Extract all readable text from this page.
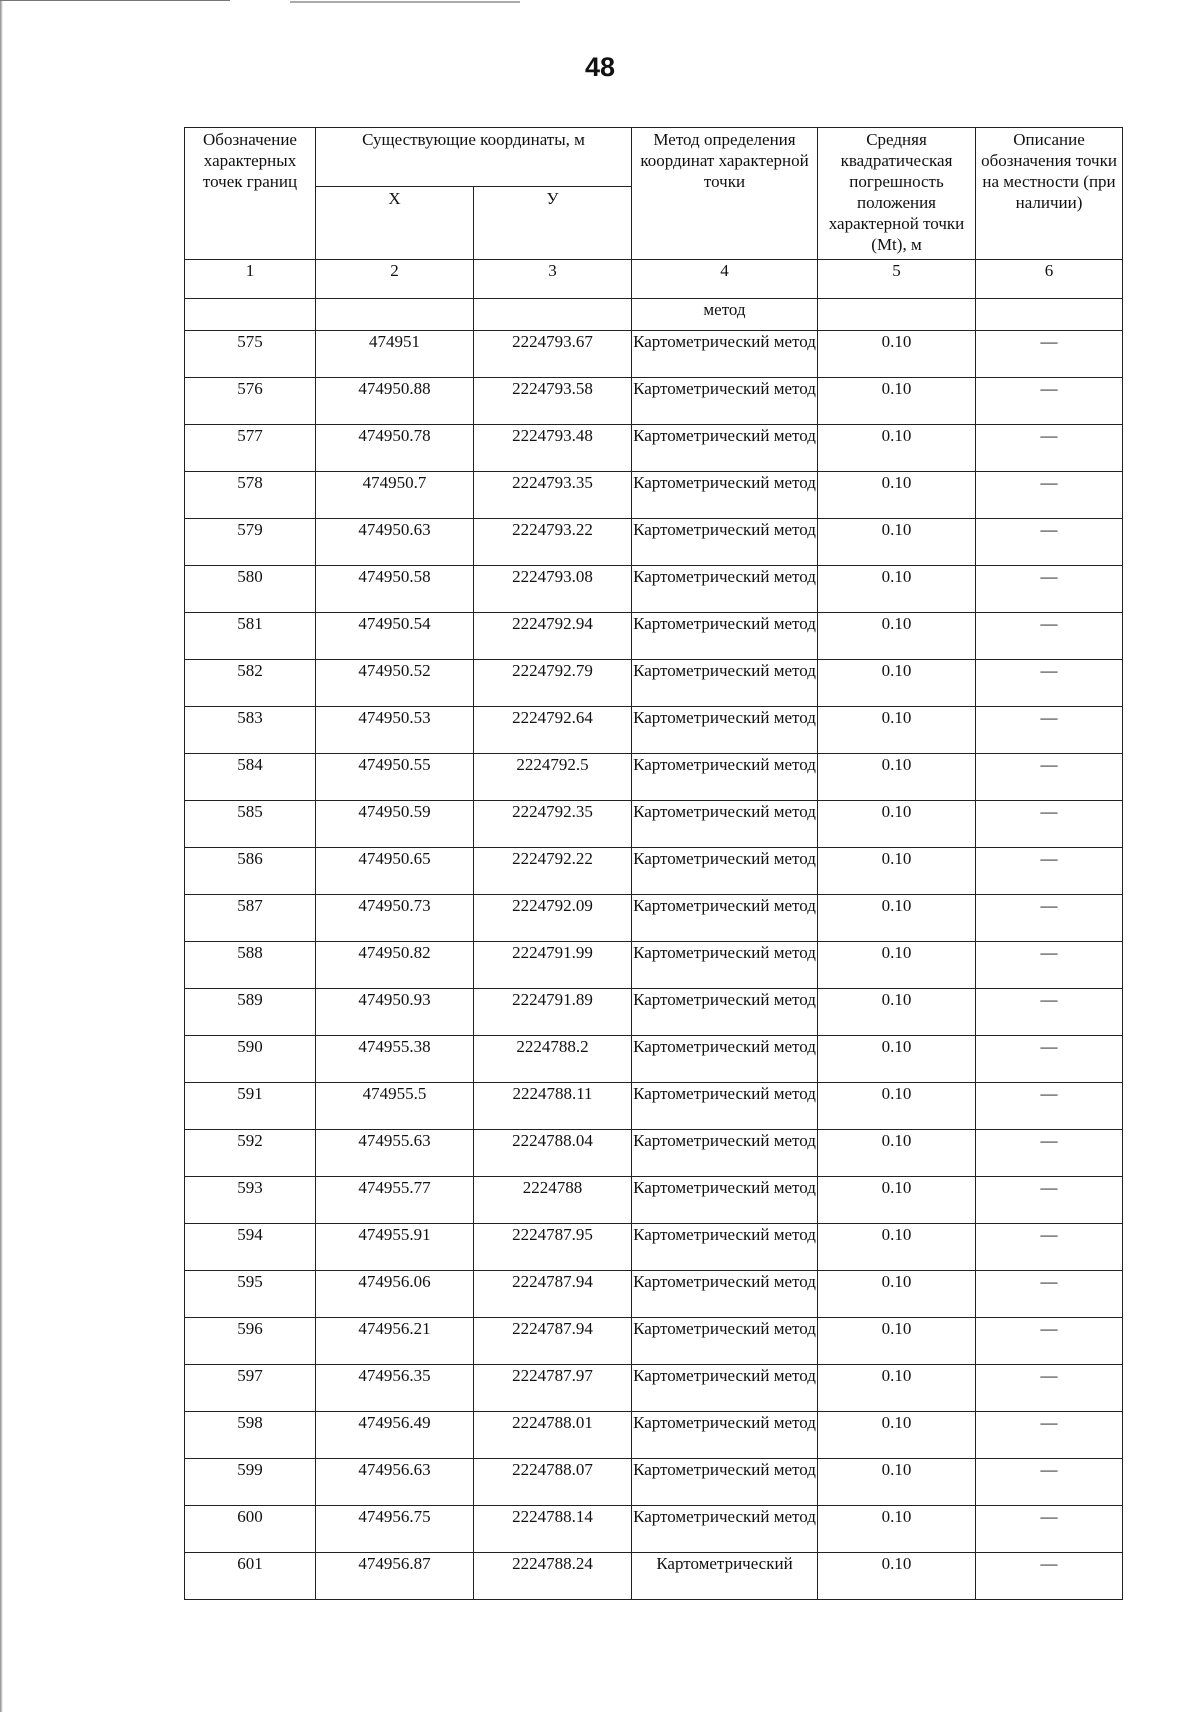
48
Обозначение характерных точек границ	Существующие координаты, м		Метод определения координат характерной точки	Средняя квадратическая погрешность положения характерной точки (Mt), м	Описание обозначения точки на местности (при наличии)
	X	У			
1	2	3	4	5	6
			метод		
575	474951	2224793.67	Картометрический метод	0.10	—
576	474950.88	2224793.58	Картометрический метод	0.10	—
577	474950.78	2224793.48	Картометрический метод	0.10	—
578	474950.7	2224793.35	Картометрический метод	0.10	—
579	474950.63	2224793.22	Картометрический метод	0.10	—
580	474950.58	2224793.08	Картометрический метод	0.10	—
581	474950.54	2224792.94	Картометрический метод	0.10	—
582	474950.52	2224792.79	Картометрический метод	0.10	—
583	474950.53	2224792.64	Картометрический метод	0.10	—
584	474950.55	2224792.5	Картометрический метод	0.10	—
585	474950.59	2224792.35	Картометрический метод	0.10	—
586	474950.65	2224792.22	Картометрический метод	0.10	—
587	474950.73	2224792.09	Картометрический метод	0.10	—
588	474950.82	2224791.99	Картометрический метод	0.10	—
589	474950.93	2224791.89	Картометрический метод	0.10	—
590	474955.38	2224788.2	Картометрический метод	0.10	—
591	474955.5	2224788.11	Картометрический метод	0.10	—
592	474955.63	2224788.04	Картометрический метод	0.10	—
593	474955.77	2224788	Картометрический метод	0.10	—
594	474955.91	2224787.95	Картометрический метод	0.10	—
595	474956.06	2224787.94	Картометрический метод	0.10	—
596	474956.21	2224787.94	Картометрический метод	0.10	—
597	474956.35	2224787.97	Картометрический метод	0.10	—
598	474956.49	2224788.01	Картометрический метод	0.10	—
599	474956.63	2224788.07	Картометрический метод	0.10	—
600	474956.75	2224788.14	Картометрический метод	0.10	—
601	474956.87	2224788.24	Картометрический	0.10	—
